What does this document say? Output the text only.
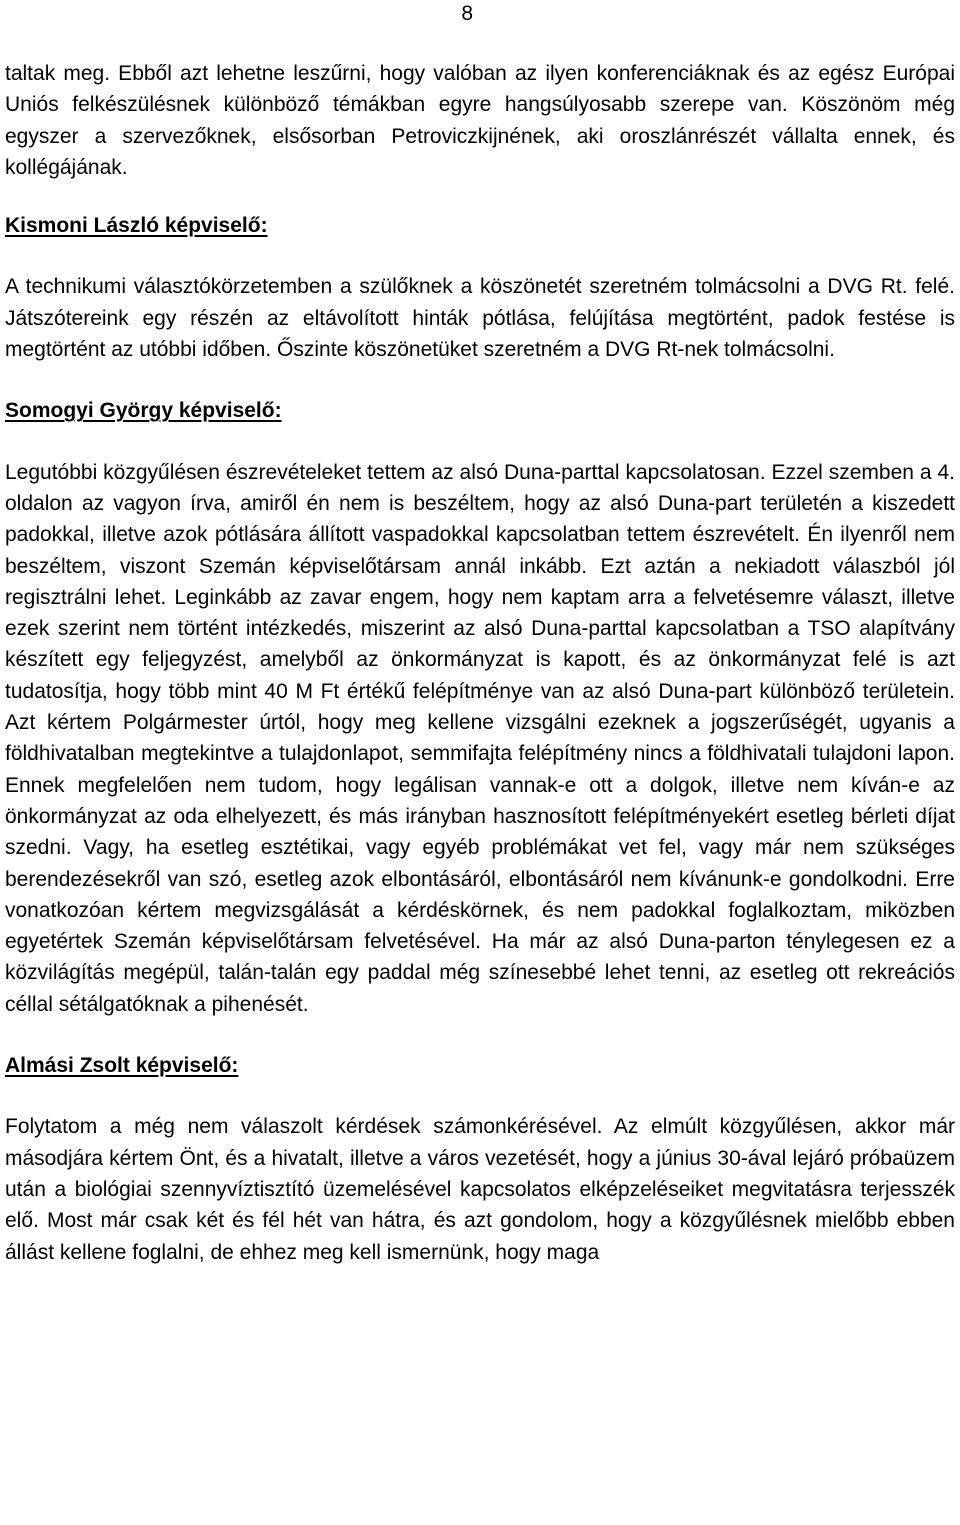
8

taltak meg. Ebből azt lehetne leszűrni, hogy valóban az ilyen konferenciáknak és az egész Európai Uniós felkészülésnek különböző témákban egyre hangsúlyosabb szerepe van. Köszönöm még egyszer a szervezőknek, elsősorban Petroviczkijnének, aki oroszlánrészét vállalta ennek, és kollégájának.

Kismoni László képviselő:

A technikumi választókörzetemben a szülőknek a köszönetét szeretném tolmácsolni a DVG Rt. felé. Játszótereink egy részén az eltávolított hinták pótlása, felújítása megtörtént, padok festése is megtörtént az utóbbi időben. Őszinte köszönetüket szeretném a DVG Rt-nek tolmácsolni.

Somogyi György képviselő:

Legutóbbi közgyűlésen észrevételeket tettem az alsó Duna-parttal kapcsolatosan. Ezzel szemben a 4. oldalon az vagyon írva, amiről én nem is beszéltem, hogy az alsó Duna-part területén a kiszedett padokkal, illetve azok pótlására állított vaspadokkal kapcsolatban tettem észrevételt. Én ilyenről nem beszéltem, viszont Szemán képviselőtársam annál inkább. Ezt aztán a nekiadott válaszból jól regisztrálni lehet. Leginkább az zavar engem, hogy nem kaptam arra a felvetésemre választ, illetve ezek szerint nem történt intézkedés, miszerint az alsó Duna-parttal kapcsolatban a TSO alapítvány készített egy feljegyzést, amelyből az önkormányzat is kapott, és az önkormányzat felé is azt tudatosítja, hogy több mint 40 M Ft értékű felépítménye van az alsó Duna-part különböző területein. Azt kértem Polgármester úrtól, hogy meg kellene vizsgálni ezeknek a jogszerűségét, ugyanis a földhivatalban megtekintve a tulajdonlapot, semmifajta felépítmény nincs a földhivatali tulajdoni lapon. Ennek megfelelően nem tudom, hogy legálisan vannak-e ott a dolgok, illetve nem kíván-e az önkormányzat az oda elhelyezett, és más irányban hasznosított felépítményekért esetleg bérleti díjat szedni. Vagy, ha esetleg esztétikai, vagy egyéb problémákat vet fel, vagy már nem szükséges berendezésekről van szó, esetleg azok elbontásáról, elbontásáról nem kívánunk-e gondolkodni. Erre vonatkozóan kértem megvizsgálását a kérdéskörnek, és nem padokkal foglalkoztam, miközben egyetértek Szemán képviselőtársam felvetésével. Ha már az alsó Duna-parton ténylegesen ez a közvilágítás megépül, talán-talán egy paddal még színesebbé lehet tenni, az esetleg ott rekreációs céllal sétálgatóknak a pihenését.

Almási Zsolt képviselő:

Folytatom a még nem válaszolt kérdések számonkérésével. Az elmúlt közgyűlésen, akkor már másodjára kértem Önt, és a hivatalt, illetve a város vezetését, hogy a június 30-ával lejáró próbaüzem után a biológiai szennyvíztisztító üzemelésével kapcsolatos elképzeléseiket megvitatásra terjesszék elő. Most már csak két és fél hét van hátra, és azt gondolom, hogy a közgyűlésnek mielőbb ebben állást kellene foglalni, de ehhez meg kell ismernünk, hogy maga
